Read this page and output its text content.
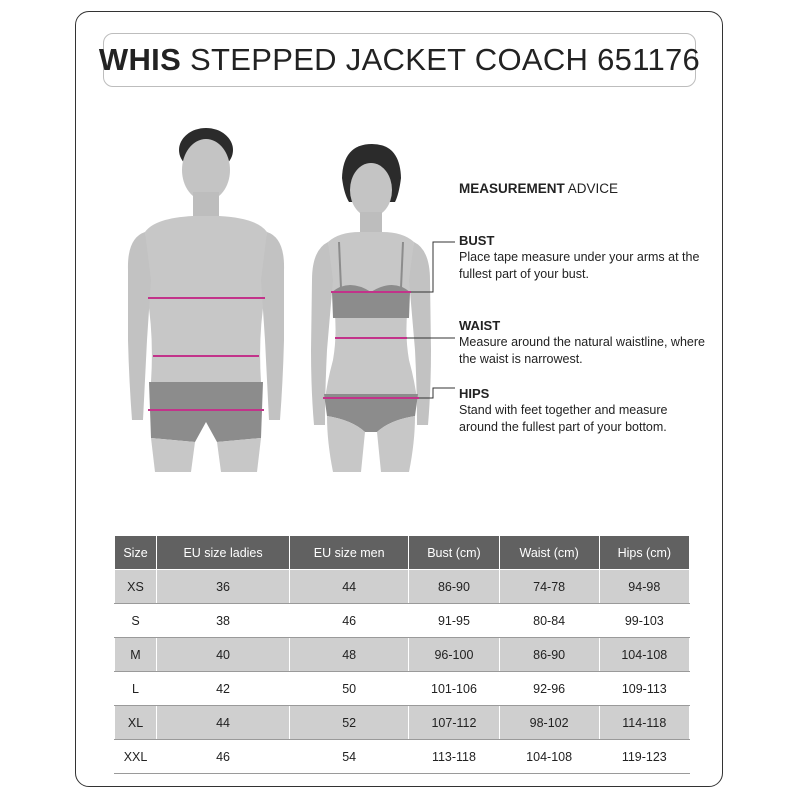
WHIS STEPPED JACKET COACH 651176
MEASUREMENT ADVICE
BUST
Place tape measure under your arms at the fullest part of your bust.
WAIST
Measure around the natural waistline, where the waist is narrowest.
HIPS
Stand with feet together and measure around the fullest part of your bottom.
Size	EU size ladies	EU size men	Bust (cm)	Waist (cm)	Hips (cm)
XS	36	44	86-90	74-78	94-98
S	38	46	91-95	80-84	99-103
M	40	48	96-100	86-90	104-108
L	42	50	101-106	92-96	109-113
XL	44	52	107-112	98-102	114-118
XXL	46	54	113-118	104-108	119-123
